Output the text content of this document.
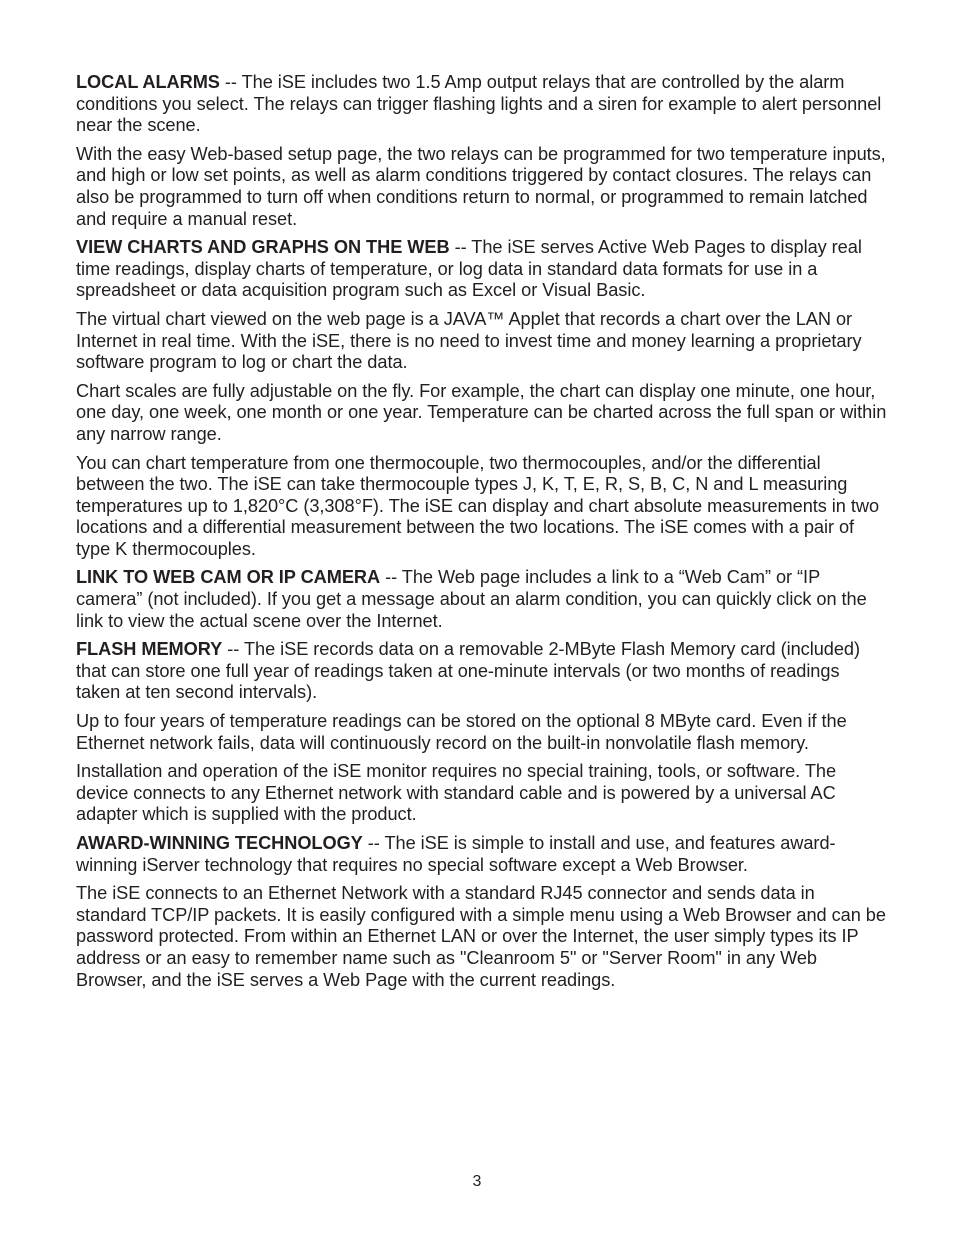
LOCAL ALARMS -- The iSE includes two 1.5 Amp output relays that are controlled by the alarm conditions you select. The relays can trigger flashing lights and a siren for example to alert personnel near the scene.

With the easy Web-based setup page, the two relays can be programmed for two temperature inputs, and high or low set points, as well as alarm conditions triggered by contact closures. The relays can also be programmed to turn off when conditions return to normal, or programmed to remain latched and require a manual reset.

VIEW CHARTS AND GRAPHS ON THE WEB -- The iSE serves Active Web Pages to display real time readings, display charts of temperature, or log data in standard data formats for use in a spreadsheet or data acquisition program such as Excel or Visual Basic.

The virtual chart viewed on the web page is a JAVA™ Applet that records a chart over the LAN or Internet in real time. With the iSE, there is no need to invest time and money learning a proprietary software program to log or chart the data.

Chart scales are fully adjustable on the fly. For example, the chart can display one minute, one hour, one day, one week, one month or one year. Temperature can be charted across the full span or within any narrow range.

You can chart temperature from one thermocouple, two thermocouples, and/or the differential between the two. The iSE can take thermocouple types J, K, T, E, R, S, B, C, N and L measuring temperatures up to 1,820°C (3,308°F). The iSE can display and chart absolute measurements in two locations and a differential measurement between the two locations. The iSE comes with a pair of type K thermocouples.

LINK TO WEB CAM OR IP CAMERA -- The Web page includes a link to a “Web Cam” or “IP camera” (not included). If you get a message about an alarm condition, you can quickly click on the link to view the actual scene over the Internet.

FLASH MEMORY -- The iSE records data on a removable 2-MByte Flash Memory card (included) that can store one full year of readings taken at one-minute intervals (or two months of readings taken at ten second intervals).

Up to four years of temperature readings can be stored on the optional 8 MByte card. Even if the Ethernet network fails, data will continuously record on the built-in nonvolatile flash memory.

Installation and operation of the iSE monitor requires no special training, tools, or software. The device connects to any Ethernet network with standard cable and is powered by a universal AC adapter which is supplied with the product.

AWARD-WINNING TECHNOLOGY -- The iSE is simple to install and use, and features award-winning iServer technology that requires no special software except a Web Browser.

The iSE connects to an Ethernet Network with a standard RJ45 connector and sends data in standard TCP/IP packets. It is easily configured with a simple menu using a Web Browser and can be password protected. From within an Ethernet LAN or over the Internet, the user simply types its IP address or an easy to remember name such as "Cleanroom 5" or "Server Room" in any Web Browser, and the iSE serves a Web Page with the current readings.

3
